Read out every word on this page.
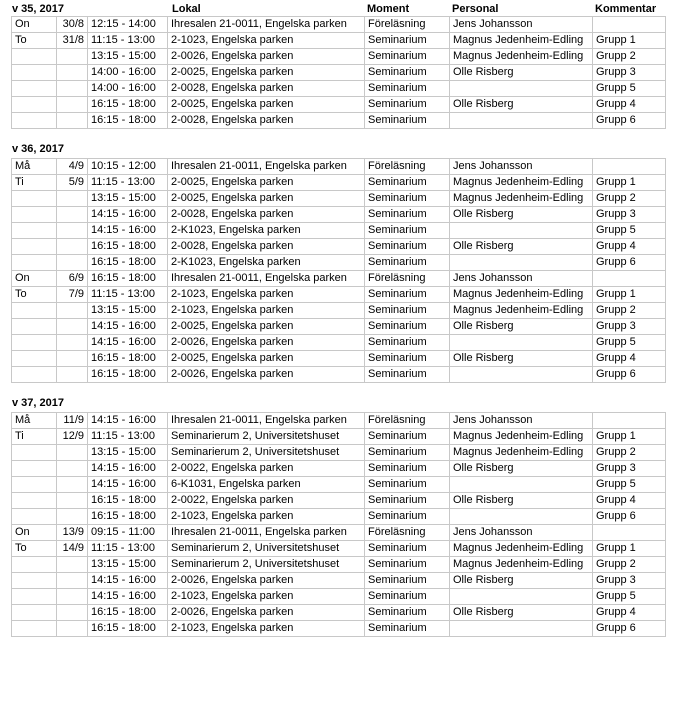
v 35, 2017	Lokal	Moment	Personal	Kommentar
On	30/8	12:15 - 14:00	Ihresalen 21-0011, Engelska parken	Föreläsning	Jens Johansson	
To	31/8	11:15 - 13:00	2-1023, Engelska parken	Seminarium	Magnus Jedenheim-Edling	Grupp 1
		13:15 - 15:00	2-0026, Engelska parken	Seminarium	Magnus Jedenheim-Edling	Grupp 2
		14:00 - 16:00	2-0025, Engelska parken	Seminarium	Olle Risberg	Grupp 3
		14:00 - 16:00	2-0028, Engelska parken	Seminarium		Grupp 5
		16:15 - 18:00	2-0025, Engelska parken	Seminarium	Olle Risberg	Grupp 4
		16:15 - 18:00	2-0028, Engelska parken	Seminarium		Grupp 6
v 36, 2017
Må	4/9	10:15 - 12:00	Ihresalen 21-0011, Engelska parken	Föreläsning	Jens Johansson	
Ti	5/9	11:15 - 13:00	2-0025, Engelska parken	Seminarium	Magnus Jedenheim-Edling	Grupp 1
		13:15 - 15:00	2-0025, Engelska parken	Seminarium	Magnus Jedenheim-Edling	Grupp 2
		14:15 - 16:00	2-0028, Engelska parken	Seminarium	Olle Risberg	Grupp 3
		14:15 - 16:00	2-K1023, Engelska parken	Seminarium		Grupp 5
		16:15 - 18:00	2-0028, Engelska parken	Seminarium	Olle Risberg	Grupp 4
		16:15 - 18:00	2-K1023, Engelska parken	Seminarium		Grupp 6
On	6/9	16:15 - 18:00	Ihresalen 21-0011, Engelska parken	Föreläsning	Jens Johansson	
To	7/9	11:15 - 13:00	2-1023, Engelska parken	Seminarium	Magnus Jedenheim-Edling	Grupp 1
		13:15 - 15:00	2-1023, Engelska parken	Seminarium	Magnus Jedenheim-Edling	Grupp 2
		14:15 - 16:00	2-0025, Engelska parken	Seminarium	Olle Risberg	Grupp 3
		14:15 - 16:00	2-0026, Engelska parken	Seminarium		Grupp 5
		16:15 - 18:00	2-0025, Engelska parken	Seminarium	Olle Risberg	Grupp 4
		16:15 - 18:00	2-0026, Engelska parken	Seminarium		Grupp 6
v 37, 2017
Må	11/9	14:15 - 16:00	Ihresalen 21-0011, Engelska parken	Föreläsning	Jens Johansson	
Ti	12/9	11:15 - 13:00	Seminarierum 2, Universitetshuset	Seminarium	Magnus Jedenheim-Edling	Grupp 1
		13:15 - 15:00	Seminarierum 2, Universitetshuset	Seminarium	Magnus Jedenheim-Edling	Grupp 2
		14:15 - 16:00	2-0022, Engelska parken	Seminarium	Olle Risberg	Grupp 3
		14:15 - 16:00	6-K1031, Engelska parken	Seminarium		Grupp 5
		16:15 - 18:00	2-0022, Engelska parken	Seminarium	Olle Risberg	Grupp 4
		16:15 - 18:00	2-1023, Engelska parken	Seminarium		Grupp 6
On	13/9	09:15 - 11:00	Ihresalen 21-0011, Engelska parken	Föreläsning	Jens Johansson	
To	14/9	11:15 - 13:00	Seminarierum 2, Universitetshuset	Seminarium	Magnus Jedenheim-Edling	Grupp 1
		13:15 - 15:00	Seminarierum 2, Universitetshuset	Seminarium	Magnus Jedenheim-Edling	Grupp 2
		14:15 - 16:00	2-0026, Engelska parken	Seminarium	Olle Risberg	Grupp 3
		14:15 - 16:00	2-1023, Engelska parken	Seminarium		Grupp 5
		16:15 - 18:00	2-0026, Engelska parken	Seminarium	Olle Risberg	Grupp 4
		16:15 - 18:00	2-1023, Engelska parken	Seminarium		Grupp 6
